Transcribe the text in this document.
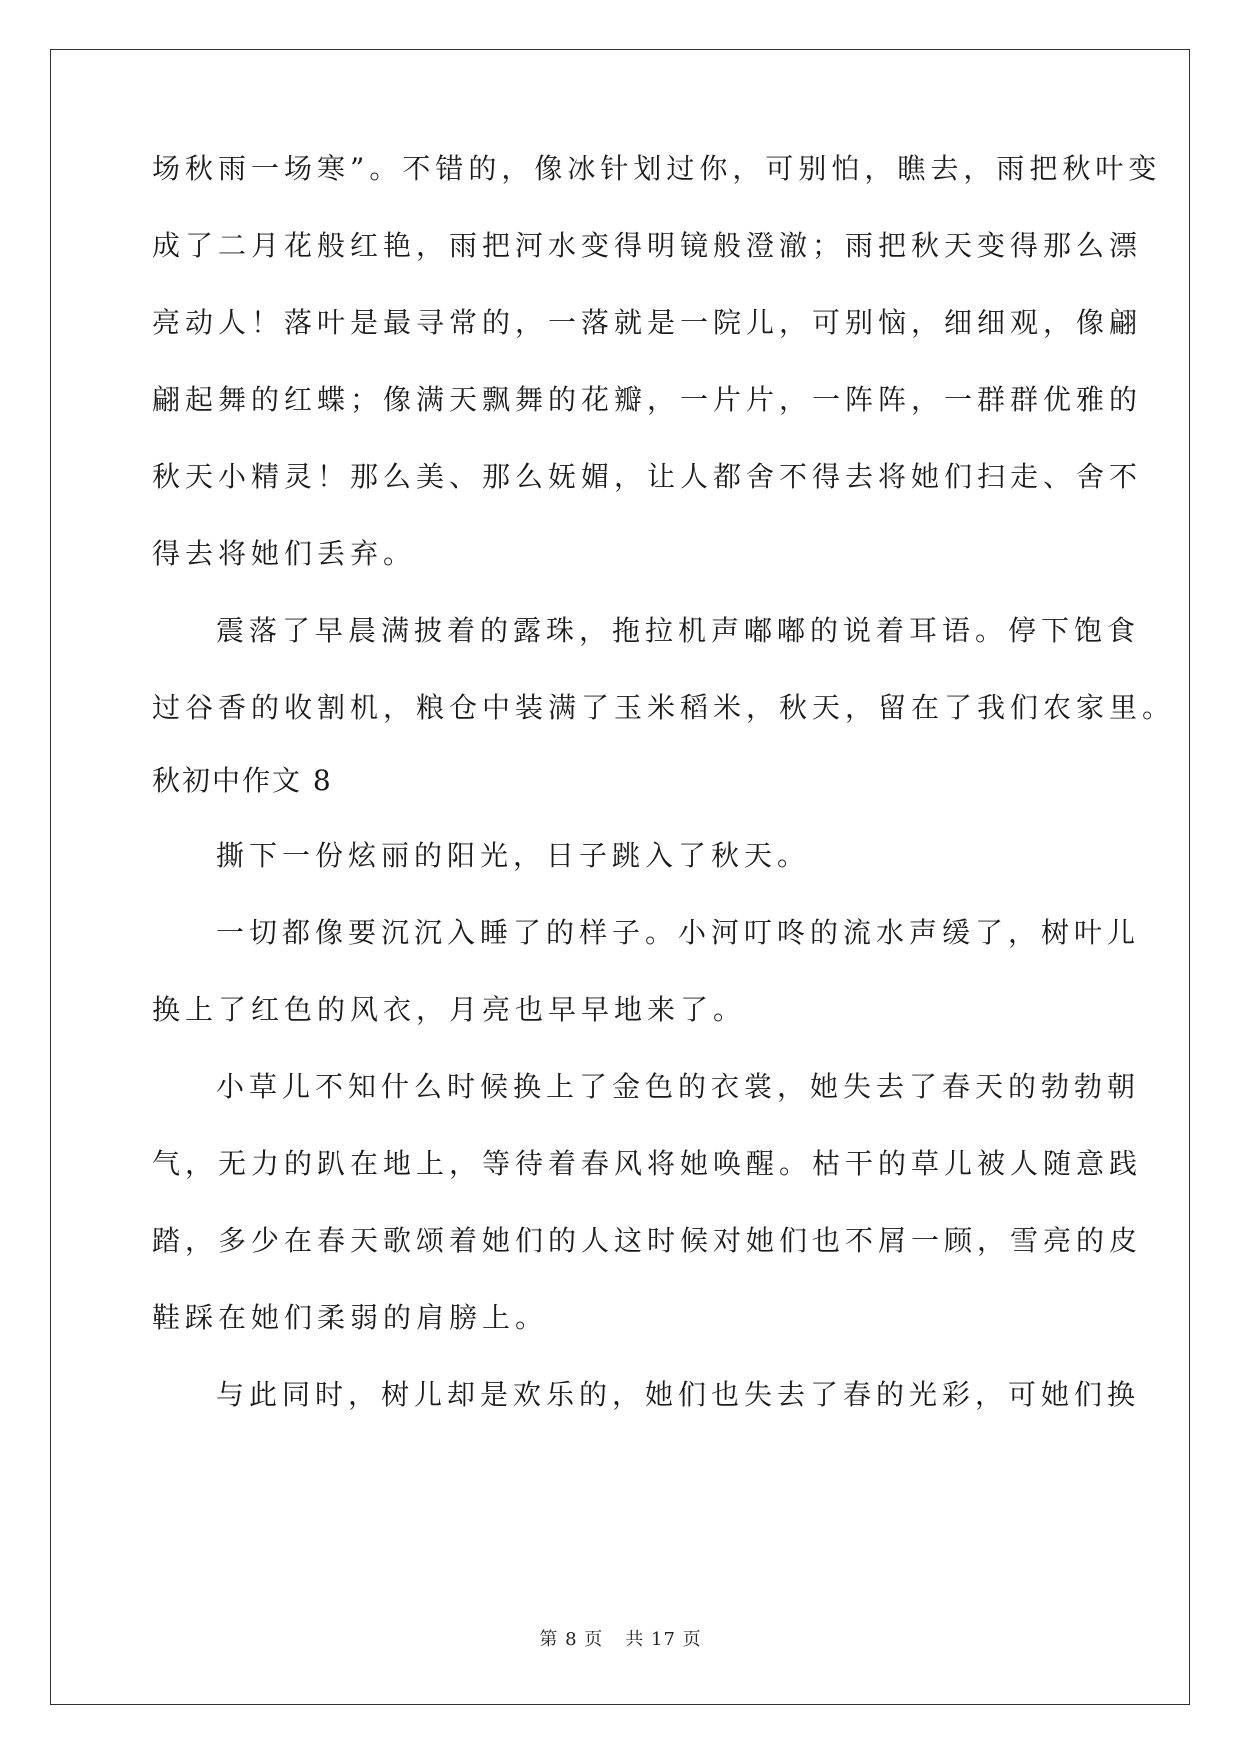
场秋雨一场寒”。不错的，像冰针划过你，可别怕，瞧去，雨把秋叶变
成了二月花般红艳，雨把河水变得明镜般澄澈；雨把秋天变得那么漂
亮动人！落叶是最寻常的，一落就是一院儿，可别恼，细细观，像翩
翩起舞的红蝶；像满天飘舞的花瓣，一片片，一阵阵，一群群优雅的
秋天小精灵！那么美、那么妩媚，让人都舍不得去将她们扫走、舍不
得去将她们丢弃。
震落了早晨满披着的露珠，拖拉机声嘟嘟的说着耳语。停下饱食
过谷香的收割机，粮仓中装满了玉米稻米，秋天，留在了我们农家里。
秋初中作文 8
撕下一份炫丽的阳光，日子跳入了秋天。
一切都像要沉沉入睡了的样子。小河叮咚的流水声缓了，树叶儿
换上了红色的风衣，月亮也早早地来了。
小草儿不知什么时候换上了金色的衣裳，她失去了春天的勃勃朝
气，无力的趴在地上，等待着春风将她唤醒。枯干的草儿被人随意践
踏，多少在春天歌颂着她们的人这时候对她们也不屑一顾，雪亮的皮
鞋踩在她们柔弱的肩膀上。
与此同时，树儿却是欢乐的，她们也失去了春的光彩，可她们换
第 8 页 共 17 页
